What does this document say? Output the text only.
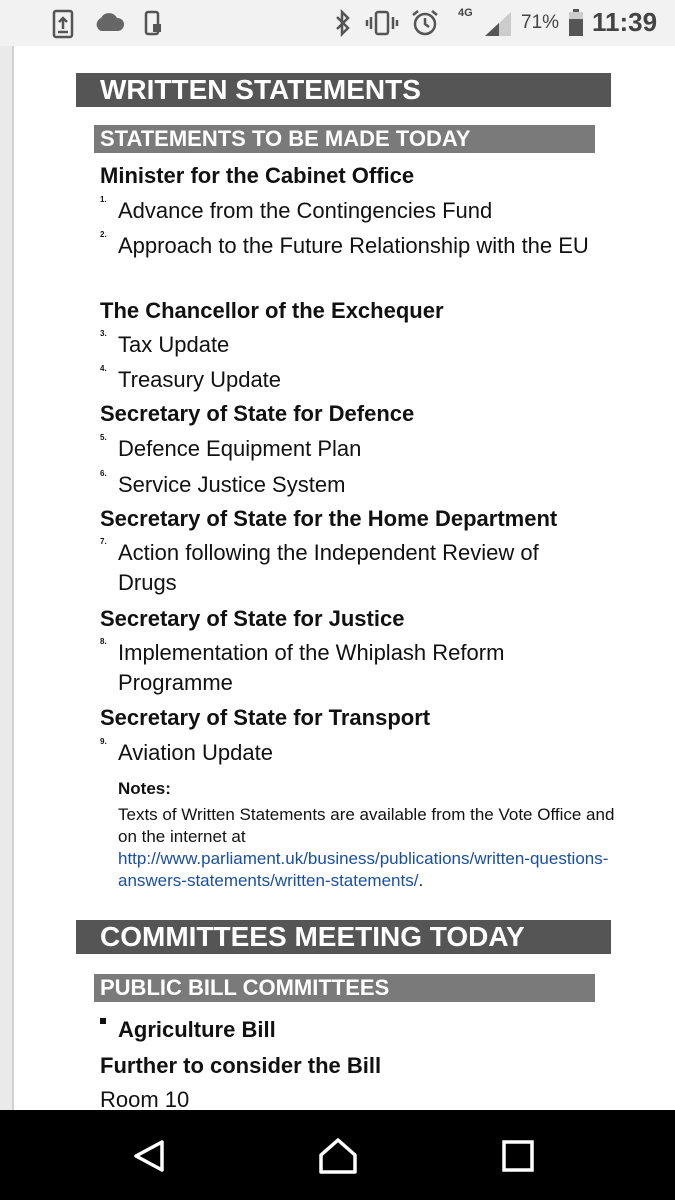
4G	71% 11:39
WRITTEN STATEMENTS
STATEMENTS TO BE MADE TODAY
Minister for the Cabinet Office
1. Advance from the Contingencies Fund
2. Approach to the Future Relationship with the EU
The Chancellor of the Exchequer
3. Tax Update
4. Treasury Update
Secretary of State for Defence
5. Defence Equipment Plan
6. Service Justice System
Secretary of State for the Home Department
7. Action following the Independent Review of Drugs
Secretary of State for Justice
8. Implementation of the Whiplash Reform Programme
Secretary of State for Transport
9. Aviation Update
Notes:
Texts of Written Statements are available from the Vote Office and on the internet at http://www.parliament.uk/business/publications/written-questions-answers-statements/written-statements/.
COMMITTEES MEETING TODAY
PUBLIC BILL COMMITTEES
Agriculture Bill
Further to consider the Bill
Room 10
